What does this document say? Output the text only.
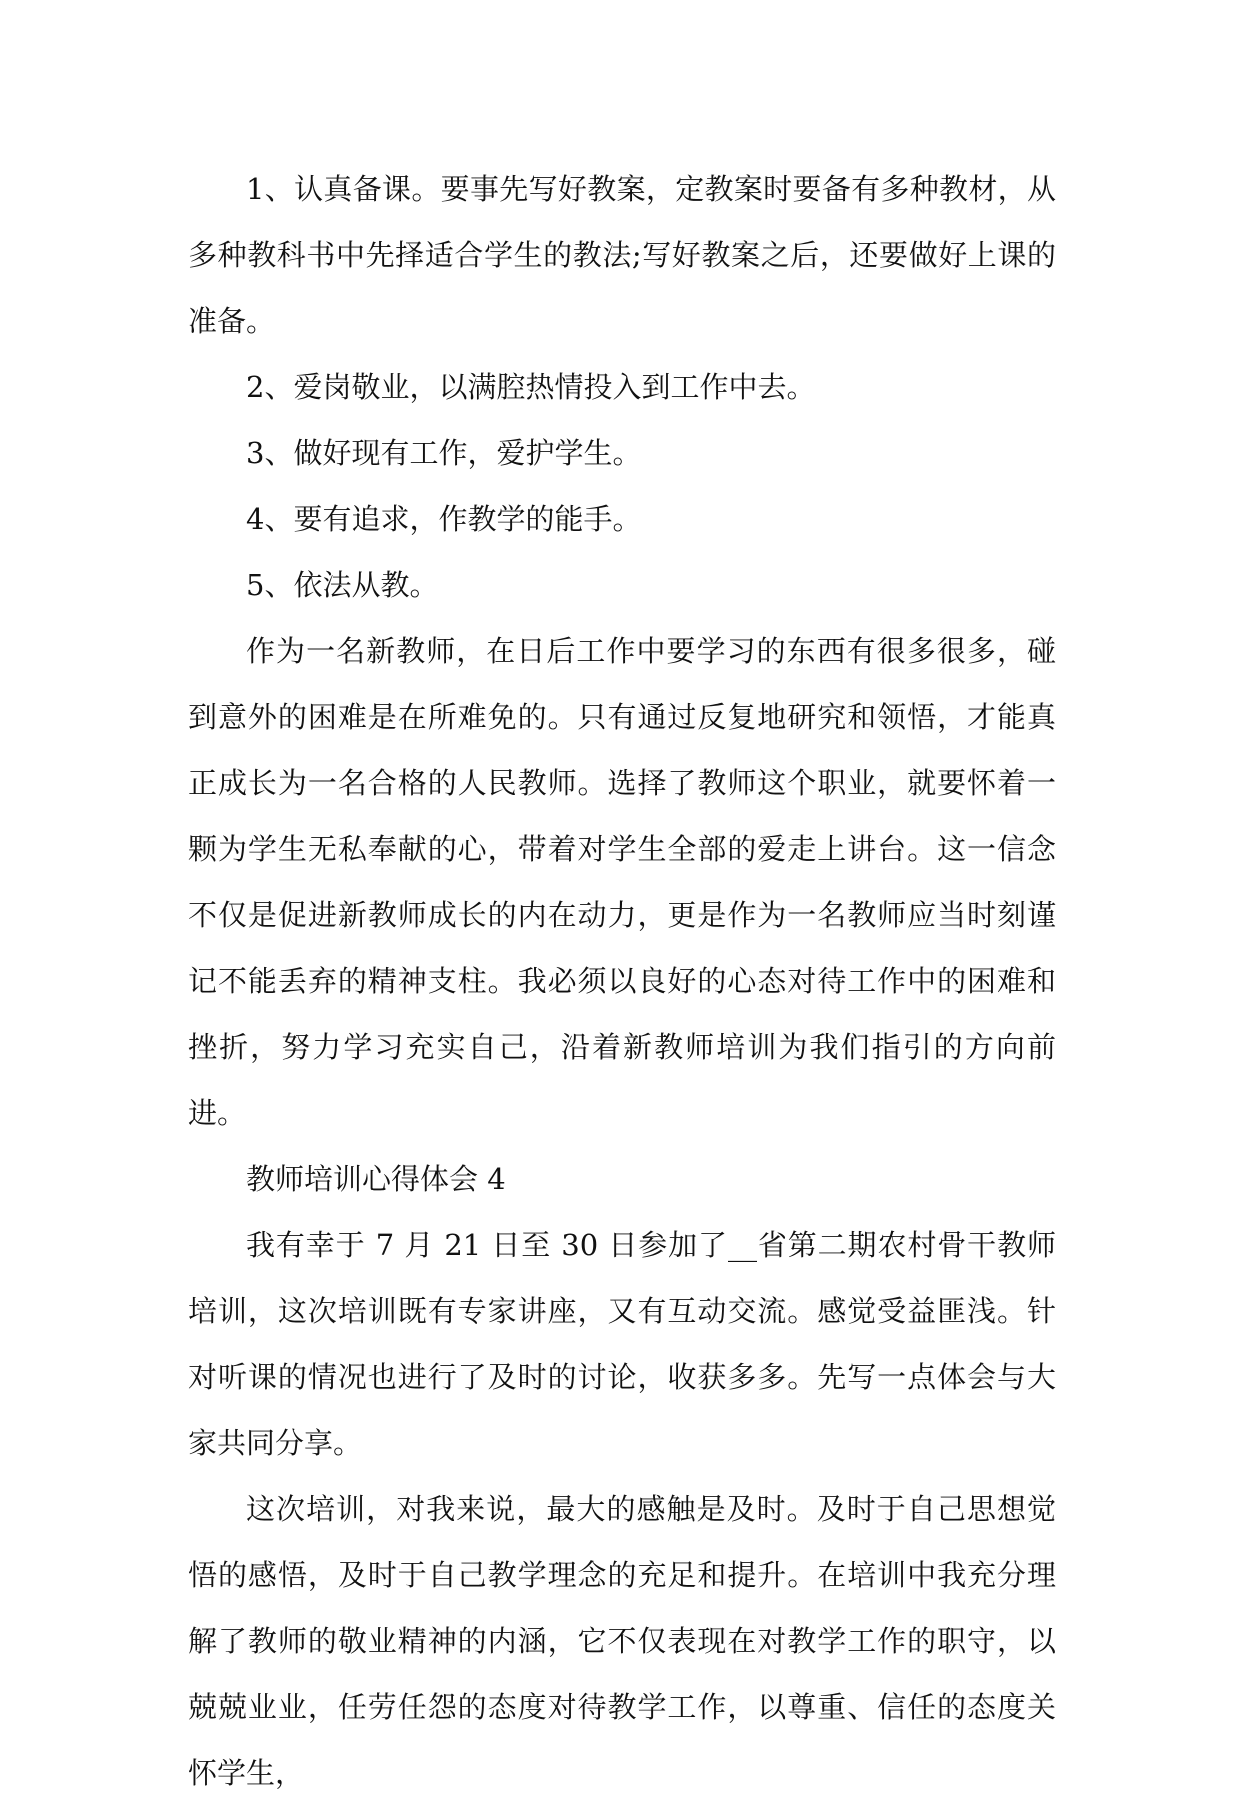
1、认真备课。要事先写好教案，定教案时要备有多种教材，从多种教科书中先择适合学生的教法;写好教案之后，还要做好上课的准备。

2、爱岗敬业，以满腔热情投入到工作中去。

3、做好现有工作，爱护学生。

4、要有追求，作教学的能手。

5、依法从教。

作为一名新教师，在日后工作中要学习的东西有很多很多，碰到意外的困难是在所难免的。只有通过反复地研究和领悟，才能真正成长为一名合格的人民教师。选择了教师这个职业，就要怀着一颗为学生无私奉献的心，带着对学生全部的爱走上讲台。这一信念不仅是促进新教师成长的内在动力，更是作为一名教师应当时刻谨记不能丢弃的精神支柱。我必须以良好的心态对待工作中的困难和挫折，努力学习充实自己，沿着新教师培训为我们指引的方向前进。

教师培训心得体会 4

我有幸于 7 月 21 日至 30 日参加了__省第二期农村骨干教师培训，这次培训既有专家讲座，又有互动交流。感觉受益匪浅。针对听课的情况也进行了及时的讨论，收获多多。先写一点体会与大家共同分享。

这次培训，对我来说，最大的感触是及时。及时于自己思想觉悟的感悟，及时于自己教学理念的充足和提升。在培训中我充分理解了教师的敬业精神的内涵，它不仅表现在对教学工作的职守，以兢兢业业，任劳任怨的态度对待教学工作，以尊重、信任的态度关怀学生，
